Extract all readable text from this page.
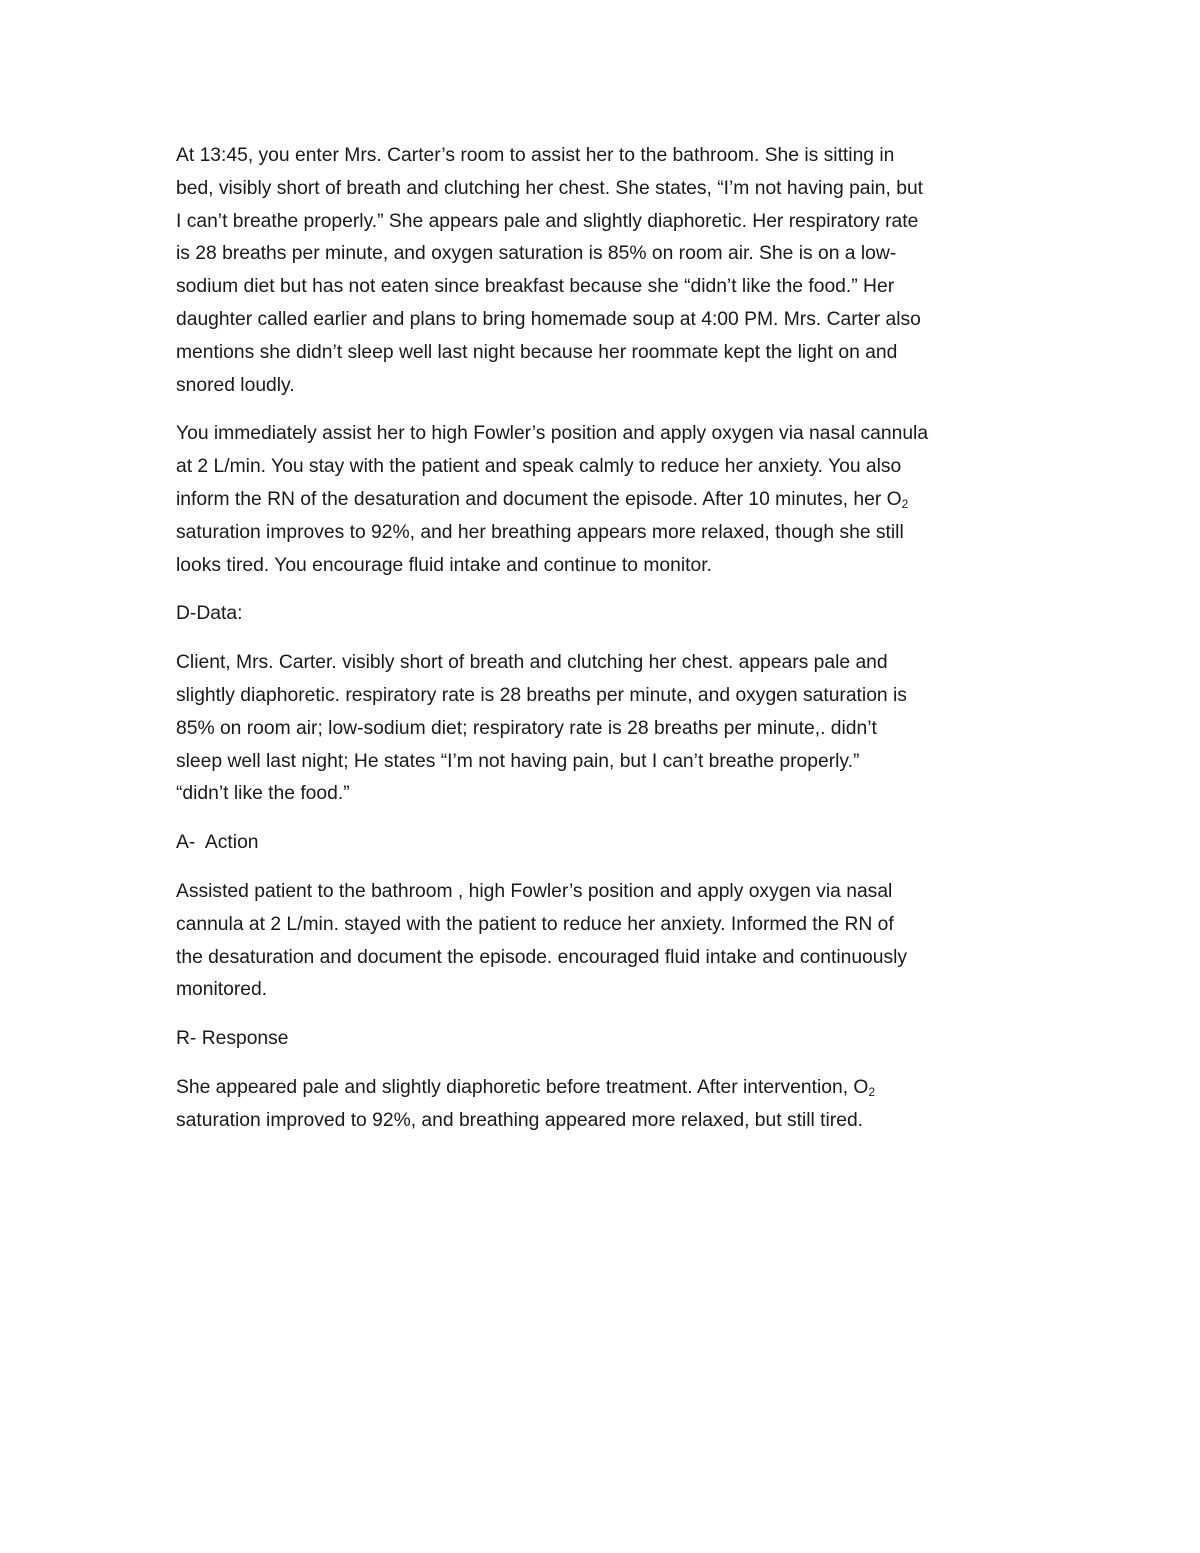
At 13:45, you enter Mrs. Carter’s room to assist her to the bathroom. She is sitting in
bed, visibly short of breath and clutching her chest. She states, “I’m not having pain, but
I can’t breathe properly.” She appears pale and slightly diaphoretic. Her respiratory rate
is 28 breaths per minute, and oxygen saturation is 85% on room air. She is on a low-
sodium diet but has not eaten since breakfast because she “didn’t like the food.” Her
daughter called earlier and plans to bring homemade soup at 4:00 PM. Mrs. Carter also
mentions she didn’t sleep well last night because her roommate kept the light on and
snored loudly.

You immediately assist her to high Fowler’s position and apply oxygen via nasal cannula
at 2 L/min. You stay with the patient and speak calmly to reduce her anxiety. You also
inform the RN of the desaturation and document the episode. After 10 minutes, her $O_2$
saturation improves to 92%, and her breathing appears more relaxed, though she still
looks tired. You encourage fluid intake and continue to monitor.

D-Data:

Client, Mrs. Carter. visibly short of breath and clutching her chest. appears pale and
slightly diaphoretic. respiratory rate is 28 breaths per minute, and oxygen saturation is
85% on room air; low-sodium diet; respiratory rate is 28 breaths per minute,. didn’t
sleep well last night; He states “I’m not having pain, but I can’t breathe properly.”
“didn’t like the food.”

A-  Action

Assisted patient to the bathroom , high Fowler’s position and apply oxygen via nasal
cannula at 2 L/min. stayed with the patient to reduce her anxiety. Informed the RN of
the desaturation and document the episode. encouraged fluid intake and continuously
monitored.

R- Response

She appeared pale and slightly diaphoretic before treatment. After intervention, $O_2$
saturation improved to 92%, and breathing appeared more relaxed, but still tired.
